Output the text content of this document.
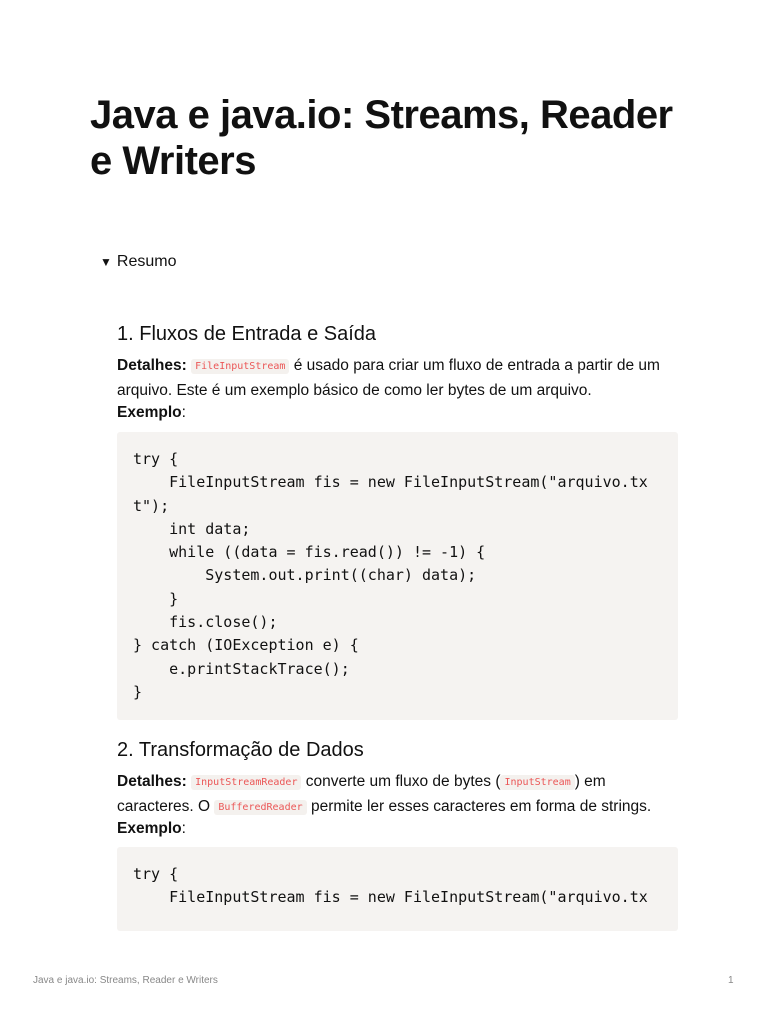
Java e java.io: Streams, Reader e Writers
▼ Resumo
1. Fluxos de Entrada e Saída

Detalhes: FileInputStream é usado para criar um fluxo de entrada a partir de um arquivo. Este é um exemplo básico de como ler bytes de um arquivo.

Exemplo:

try {
FileInputStream fis = new FileInputStream("arquivo.tx
t");
int data;
while ((data = fis.read()) != -1) {
System.out.print((char) data);
}
fis.close();
} catch (IOException e) {
e.printStackTrace();
}
2. Transformação de Dados

Detalhes: InputStreamReader converte um fluxo de bytes ( InputStream ) em caracteres. O BufferedReader permite ler esses caracteres em forma de strings.

Exemplo:

try {
FileInputStream fis = new FileInputStream("arquivo.tx
Java e java.io: Streams, Reader e Writers	1
